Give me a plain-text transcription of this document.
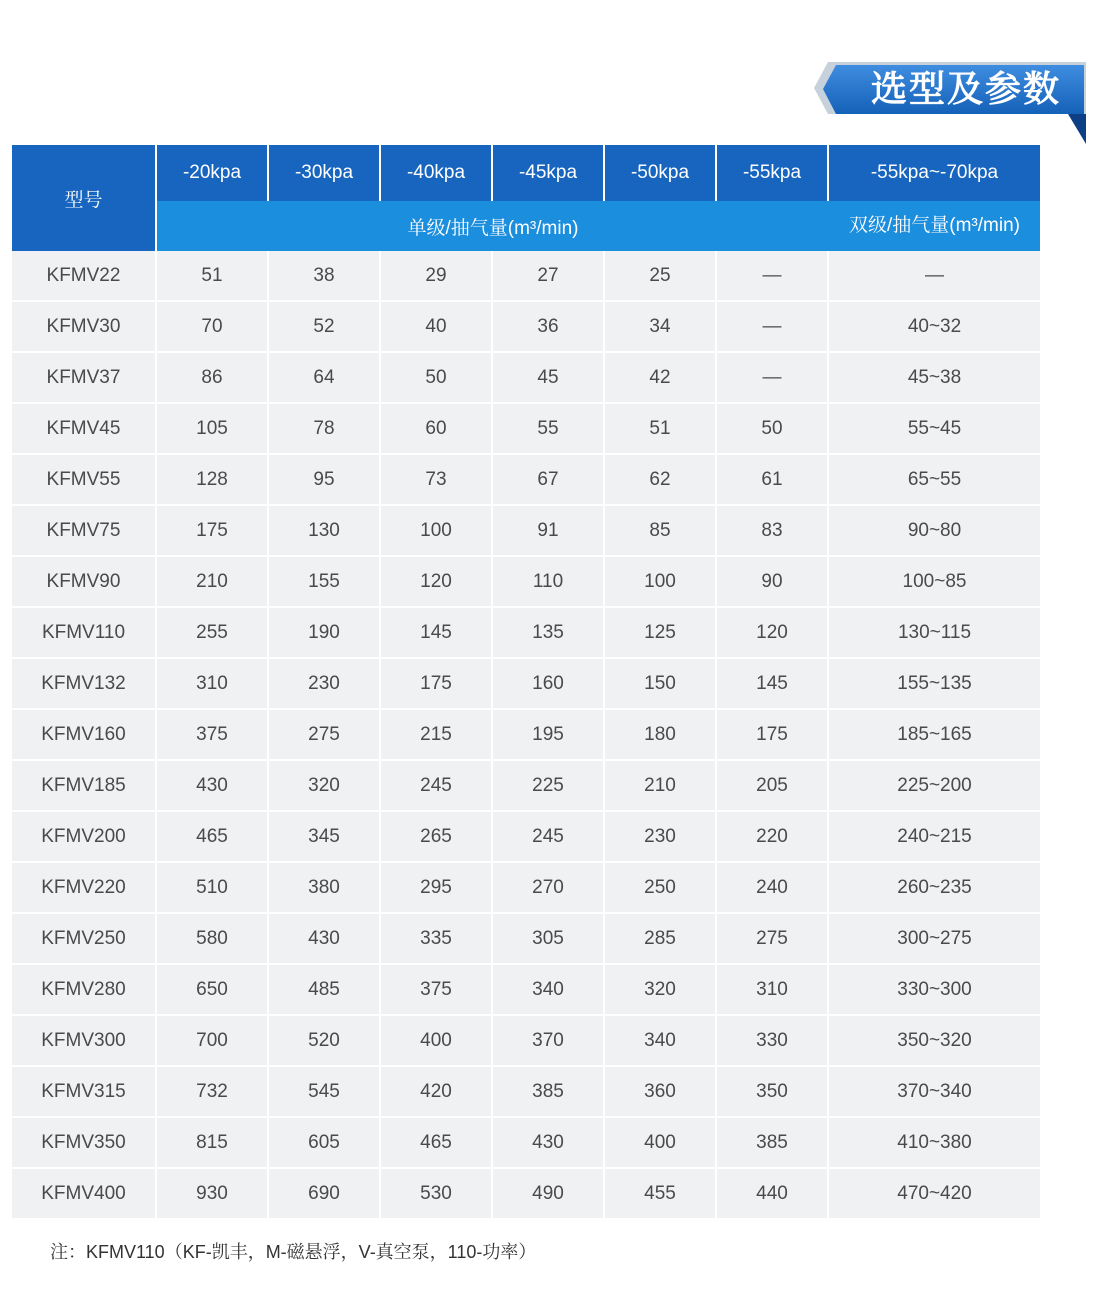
选型及参数
型号	-20kpa	-30kpa	-40kpa	-45kpa	-50kpa	-55kpa	-55kpa~-70kpa
	单级/抽气量(m³/min)						双级/抽气量(m³/min)
KFMV22	51	38	29	27	25	—	—
KFMV30	70	52	40	36	34	—	40~32
KFMV37	86	64	50	45	42	—	45~38
KFMV45	105	78	60	55	51	50	55~45
KFMV55	128	95	73	67	62	61	65~55
KFMV75	175	130	100	91	85	83	90~80
KFMV90	210	155	120	110	100	90	100~85
KFMV110	255	190	145	135	125	120	130~115
KFMV132	310	230	175	160	150	145	155~135
KFMV160	375	275	215	195	180	175	185~165
KFMV185	430	320	245	225	210	205	225~200
KFMV200	465	345	265	245	230	220	240~215
KFMV220	510	380	295	270	250	240	260~235
KFMV250	580	430	335	305	285	275	300~275
KFMV280	650	485	375	340	320	310	330~300
KFMV300	700	520	400	370	340	330	350~320
KFMV315	732	545	420	385	360	350	370~340
KFMV350	815	605	465	430	400	385	410~380
KFMV400	930	690	530	490	455	440	470~420
注：KFMV110（KF-凯丰，M-磁悬浮，V-真空泵，110-功率）
